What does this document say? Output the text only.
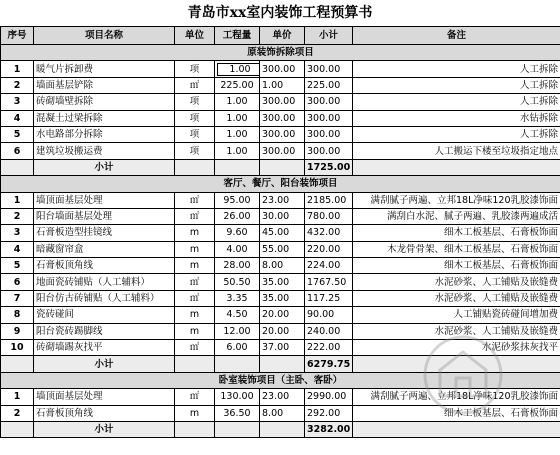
青岛市xx室内装饰工程预算书
序号	项目名称	单位	工程量	单价	小计	备注
原装饰拆除项目						
1	暖气片拆卸费	项	1.00	300.00	300.00	人工拆除
2	墙面基层铲除	㎡	225.00	1.00	225.00	人工拆除
3	砖砌墙壁拆除	项	1.00	300.00	300.00	人工拆除
4	混凝土过梁拆除	项	1.00	300.00	300.00	水钻拆除
5	水电路部分拆除	项	1.00	300.00	300.00	人工拆除
6	建筑垃圾搬运费	项	1.00	300.00	300.00	人工搬运下楼至垃圾指定地点
	小计				1725.00	
客厅、餐厅、阳台装饰项目						
1	墙顶面基层处理	㎡	95.00	23.00	2185.00	满刮腻子两遍、立邦18L净味120乳胶漆饰面
2	阳台墙面基层处理	㎡	26.00	30.00	780.00	满刮白水泥、腻子两遍、乳胶漆两遍成活
3	石膏板造型挂镜线	m	9.60	45.00	432.00	细木工板基层、石膏板饰面
4	暗藏窗帘盒	m	4.00	55.00	220.00	木龙骨骨架、细木工板基层、石膏板饰面
5	石膏板顶角线	m	28.00	8.00	224.00	细木工板基层、石膏板饰面
6	地面瓷砖铺贴（人工辅料）	㎡	50.50	35.00	1767.50	水泥砂浆、人工铺贴及嵌缝费
7	阳台仿古砖铺贴（人工辅料）	㎡	3.35	35.00	117.25	水泥砂浆、人工铺贴及嵌缝费
8	瓷砖碰间	m	4.50	20.00	90.00	人工铺贴瓷砖碰间增加费
9	阳台瓷砖踢脚线	m	12.00	20.00	240.00	水泥砂浆、人工铺贴及嵌缝费
10	砖砌墙踢灰找平	㎡	6.00	37.00	222.00	水泥砂浆抹灰找平
	小计				6279.75	
卧室装饰项目（主卧、客卧）						
1	墙顶面基层处理	㎡	130.00	23.00	2990.00	满刮腻子两遍、立邦18L净味120乳胶漆饰面
2	石膏板顶角线	m	36.50	8.00	292.00	细木工板基层、石膏板饰面
	小计				3282.00	
